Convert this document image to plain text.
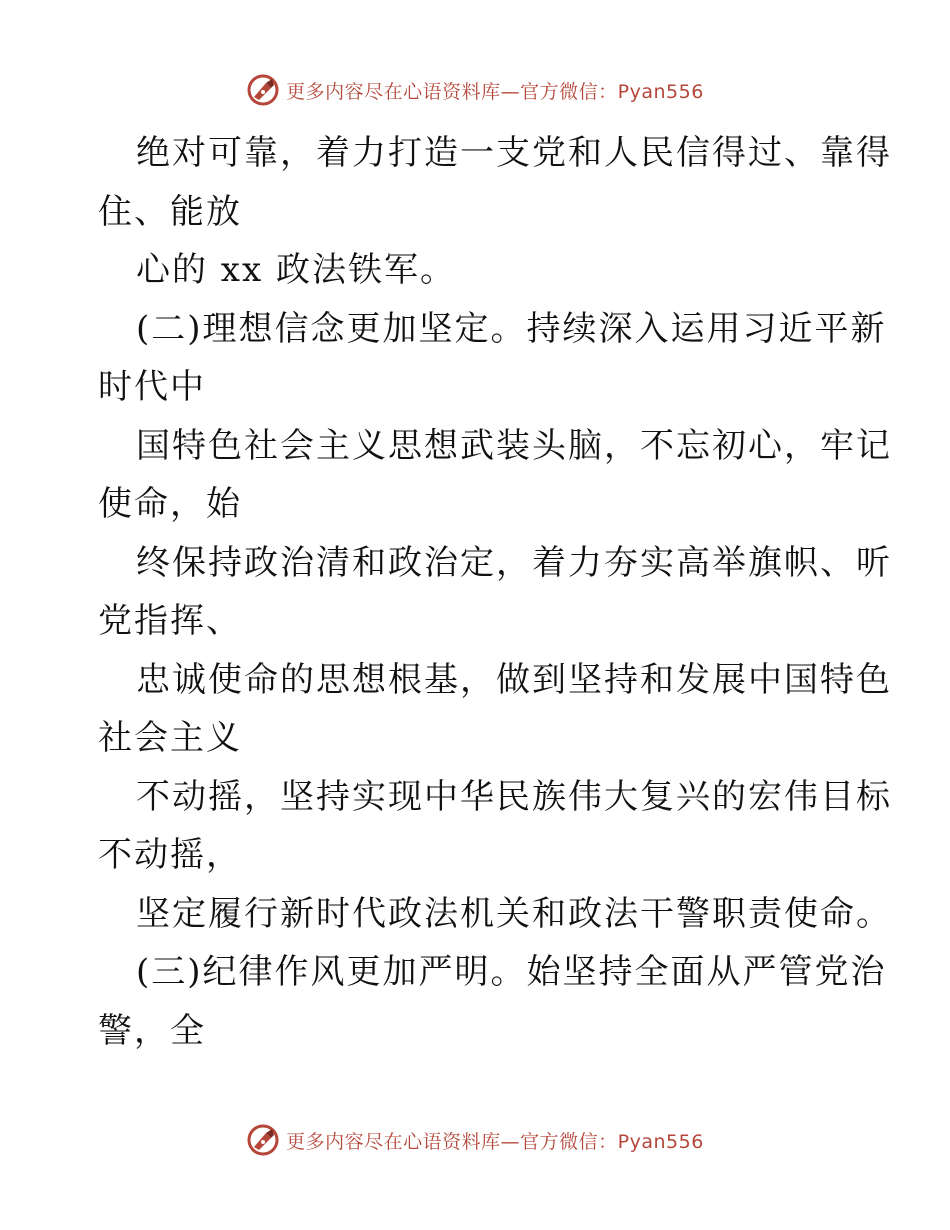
更多内容尽在心语资料库—官方微信：Pyan556
绝对可靠，着力打造一支党和人民信得过、靠得
住、能放
心的 xx 政法铁军。
(二)理想信念更加坚定。持续深入运用习近平新
时代中
国特色社会主义思想武装头脑，不忘初心，牢记
使命，始
终保持政治清和政治定，着力夯实高举旗帜、听
党指挥、
忠诚使命的思想根基，做到坚持和发展中国特色
社会主义
不动摇，坚持实现中华民族伟大复兴的宏伟目标
不动摇，
坚定履行新时代政法机关和政法干警职责使命。
(三)纪律作风更加严明。始坚持全面从严管党治
警，全
更多内容尽在心语资料库—官方微信：Pyan556
